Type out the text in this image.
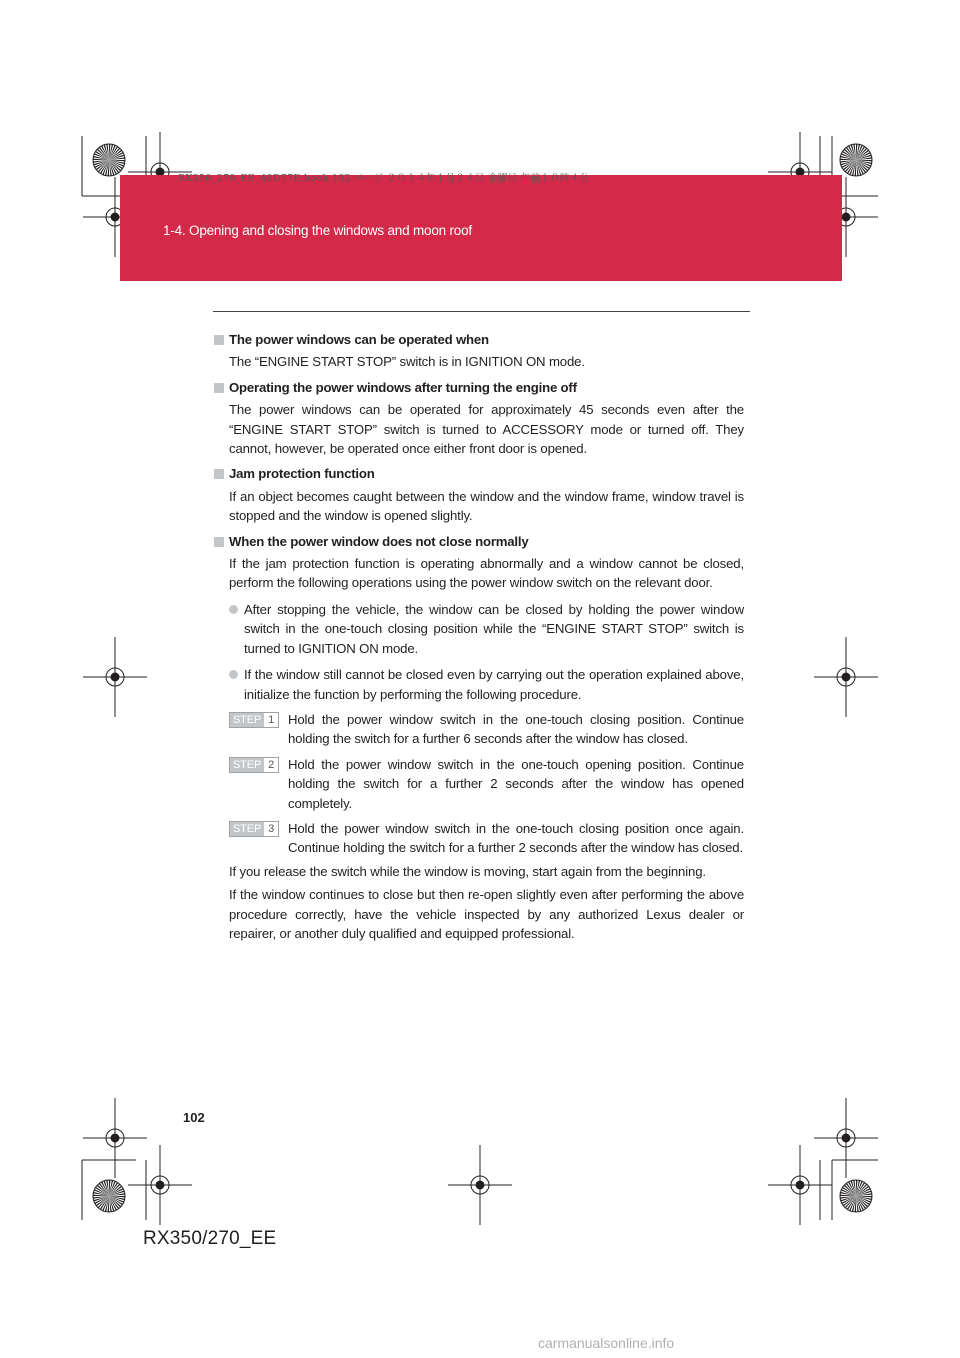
1-4. Opening and closing the windows and moon roof
RX350_270_EE_48D77E.book 102 ページ ２０１４年１月２４日 金曜日 午前１０時４分
The power windows can be operated when
The “ENGINE START STOP” switch is in IGNITION ON mode.
Operating the power windows after turning the engine off
The power windows can be operated for approximately 45 seconds even after the “ENGINE START STOP” switch is turned to ACCESSORY mode or turned off. They cannot, however, be operated once either front door is opened.
Jam protection function
If an object becomes caught between the window and the window frame, window travel is stopped and the window is opened slightly.
When the power window does not close normally
If the jam protection function is operating abnormally and a window cannot be closed, perform the following operations using the power window switch on the relevant door.
After stopping the vehicle, the window can be closed by holding the power window switch in the one-touch closing position while the “ENGINE START STOP” switch is turned to IGNITION ON mode.
If the window still cannot be closed even by carrying out the operation explained above, initialize the function by performing the following procedure.
STEP 1	Hold the power window switch in the one-touch closing position. Continue holding the switch for a further 6 seconds after the window has closed.
STEP 2	Hold the power window switch in the one-touch opening position. Continue holding the switch for a further 2 seconds after the window has opened completely.
STEP 3	Hold the power window switch in the one-touch closing position once again. Continue holding the switch for a further 2 seconds after the window has closed.
If you release the switch while the window is moving, start again from the beginning.
If the window continues to close but then re-open slightly even after performing the above procedure correctly, have the vehicle inspected by any authorized Lexus dealer or repairer, or another duly qualified and equipped professional.
102
RX350/270_EE
carmanualsonline.info
